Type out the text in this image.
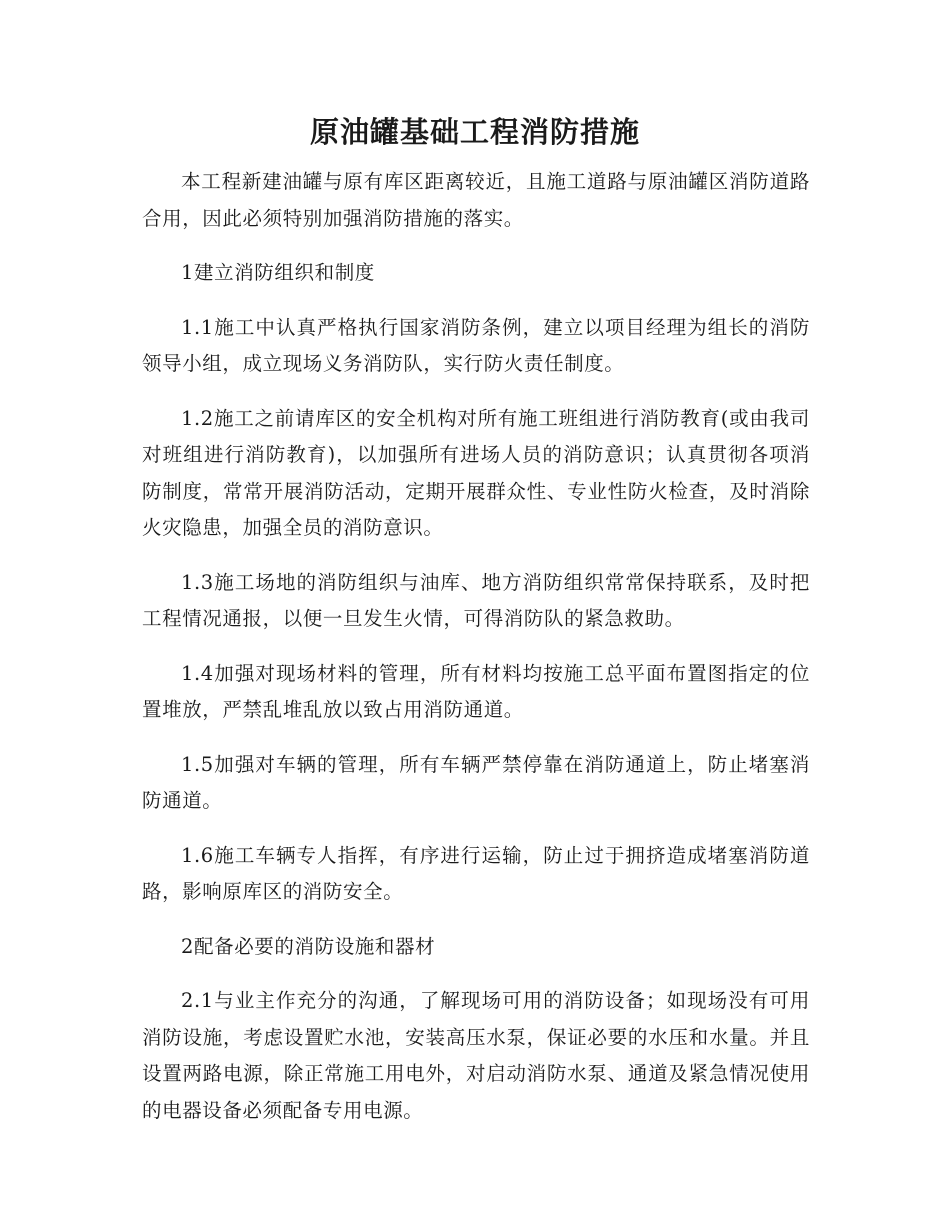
原油罐基础工程消防措施

本工程新建油罐与原有库区距离较近，且施工道路与原油罐区消防道路合用，因此必须特别加强消防措施的落实。

1建立消防组织和制度

1.1施工中认真严格执行国家消防条例，建立以项目经理为组长的消防领导小组，成立现场义务消防队，实行防火责任制度。

1.2施工之前请库区的安全机构对所有施工班组进行消防教育(或由我司对班组进行消防教育)，以加强所有进场人员的消防意识；认真贯彻各项消防制度，常常开展消防活动，定期开展群众性、专业性防火检查，及时消除火灾隐患，加强全员的消防意识。

1.3施工场地的消防组织与油库、地方消防组织常常保持联系，及时把工程情况通报，以便一旦发生火情，可得消防队的紧急救助。

1.4加强对现场材料的管理，所有材料均按施工总平面布置图指定的位置堆放，严禁乱堆乱放以致占用消防通道。

1.5加强对车辆的管理，所有车辆严禁停靠在消防通道上，防止堵塞消防通道。

1.6施工车辆专人指挥，有序进行运输，防止过于拥挤造成堵塞消防道路，影响原库区的消防安全。

2配备必要的消防设施和器材

2.1与业主作充分的沟通，了解现场可用的消防设备；如现场没有可用消防设施，考虑设置贮水池，安装高压水泵，保证必要的水压和水量。并且设置两路电源，除正常施工用电外，对启动消防水泵、通道及紧急情况使用的电器设备必须配备专用电源。
